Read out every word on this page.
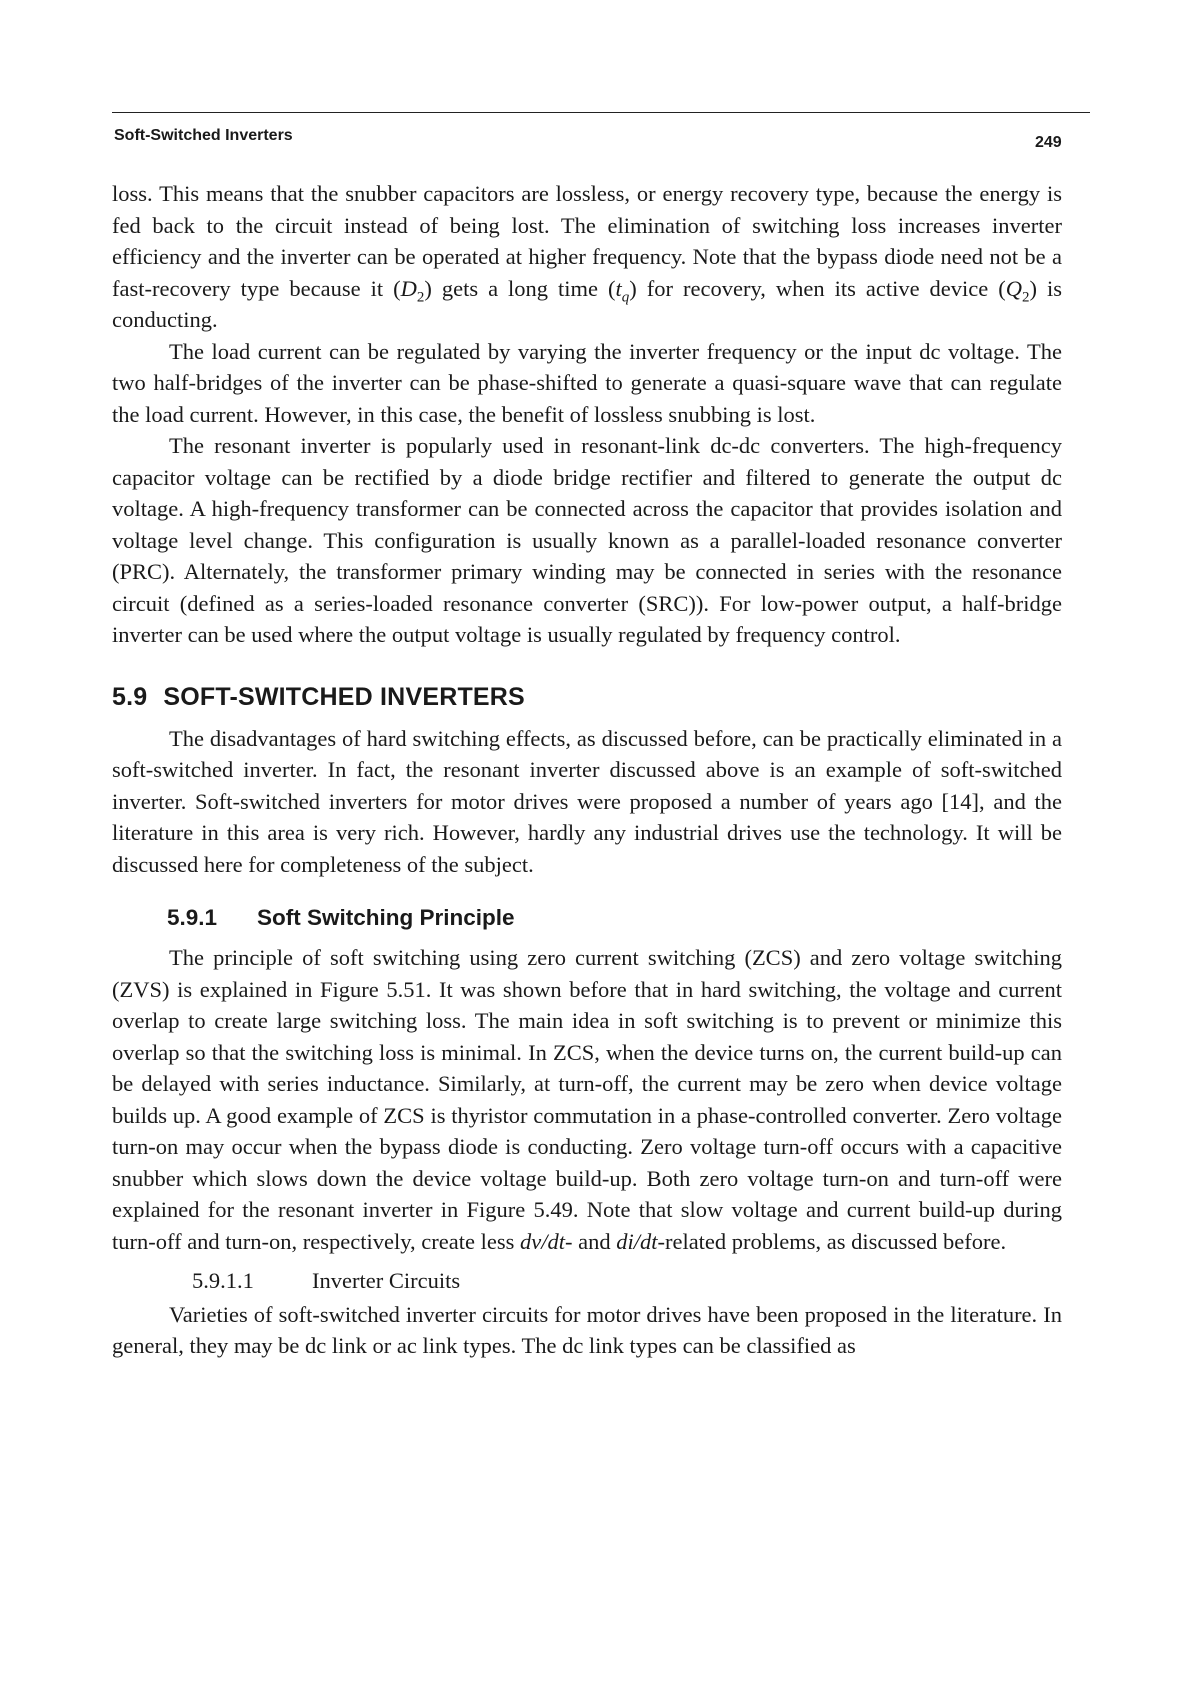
Soft-Switched Inverters	249

loss. This means that the snubber capacitors are lossless, or energy recovery type, because the energy is fed back to the circuit instead of being lost. The elimination of switching loss increases inverter efficiency and the inverter can be operated at higher frequency. Note that the bypass diode need not be a fast-recovery type because it $(D_2)$ gets a long time $(t_q)$ for recovery, when its active device $(Q_2)$ is conducting.

The load current can be regulated by varying the inverter frequency or the input dc voltage. The two half-bridges of the inverter can be phase-shifted to generate a quasi-square wave that can regulate the load current. However, in this case, the benefit of lossless snubbing is lost.

The resonant inverter is popularly used in resonant-link dc-dc converters. The high-frequency capacitor voltage can be rectified by a diode bridge rectifier and filtered to generate the output dc voltage. A high-frequency transformer can be connected across the capacitor that provides isolation and voltage level change. This configuration is usually known as a parallel-loaded resonance converter (PRC). Alternately, the transformer primary winding may be connected in series with the resonance circuit (defined as a series-loaded resonance converter (SRC)). For low-power output, a half-bridge inverter can be used where the output voltage is usually regulated by frequency control.

5.9 SOFT-SWITCHED INVERTERS

The disadvantages of hard switching effects, as discussed before, can be practically eliminated in a soft-switched inverter. In fact, the resonant inverter discussed above is an example of soft-switched inverter. Soft-switched inverters for motor drives were proposed a number of years ago [14], and the literature in this area is very rich. However, hardly any industrial drives use the technology. It will be discussed here for completeness of the subject.

5.9.1 Soft Switching Principle

The principle of soft switching using zero current switching (ZCS) and zero voltage switching (ZVS) is explained in Figure 5.51. It was shown before that in hard switching, the voltage and current overlap to create large switching loss. The main idea in soft switching is to prevent or minimize this overlap so that the switching loss is minimal. In ZCS, when the device turns on, the current build-up can be delayed with series inductance. Similarly, at turn-off, the current may be zero when device voltage builds up. A good example of ZCS is thyristor commutation in a phase-controlled converter. Zero voltage turn-on may occur when the bypass diode is conducting. Zero voltage turn-off occurs with a capacitive snubber which slows down the device voltage build-up. Both zero voltage turn-on and turn-off were explained for the resonant inverter in Figure 5.49. Note that slow voltage and current build-up during turn-off and turn-on, respectively, create less dv/dt- and di/dt-related problems, as discussed before.

5.9.1.1	Inverter Circuits

Varieties of soft-switched inverter circuits for motor drives have been proposed in the literature. In general, they may be dc link or ac link types. The dc link types can be classified as
